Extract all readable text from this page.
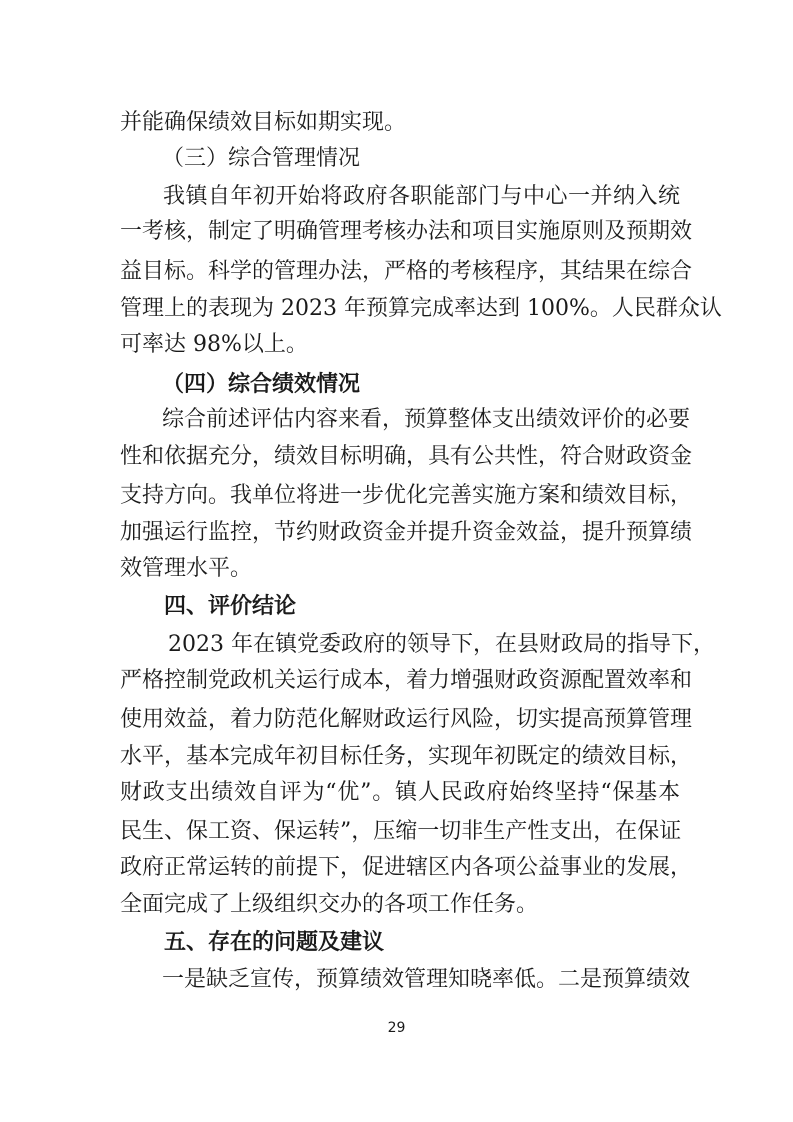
并能确保绩效目标如期实现。
（三）综合管理情况
我镇自年初开始将政府各职能部门与中心一并纳入统
一考核，制定了明确管理考核办法和项目实施原则及预期效
益目标。科学的管理办法，严格的考核程序，其结果在综合
管理上的表现为 2023 年预算完成率达到 100%。人民群众认
可率达 98%以上。
（四）综合绩效情况
综合前述评估内容来看，预算整体支出绩效评价的必要
性和依据充分，绩效目标明确，具有公共性，符合财政资金
支持方向。我单位将进一步优化完善实施方案和绩效目标，
加强运行监控，节约财政资金并提升资金效益，提升预算绩
效管理水平。
四、评价结论
2023 年在镇党委政府的领导下，在县财政局的指导下，
严格控制党政机关运行成本，着力增强财政资源配置效率和
使用效益，着力防范化解财政运行风险，切实提高预算管理
水平，基本完成年初目标任务，实现年初既定的绩效目标，
财政支出绩效自评为“优”。镇人民政府始终坚持“保基本
民生、保工资、保运转”，压缩一切非生产性支出，在保证
政府正常运转的前提下，促进辖区内各项公益事业的发展，
全面完成了上级组织交办的各项工作任务。
五、存在的问题及建议
一是缺乏宣传，预算绩效管理知晓率低。二是预算绩效
29
